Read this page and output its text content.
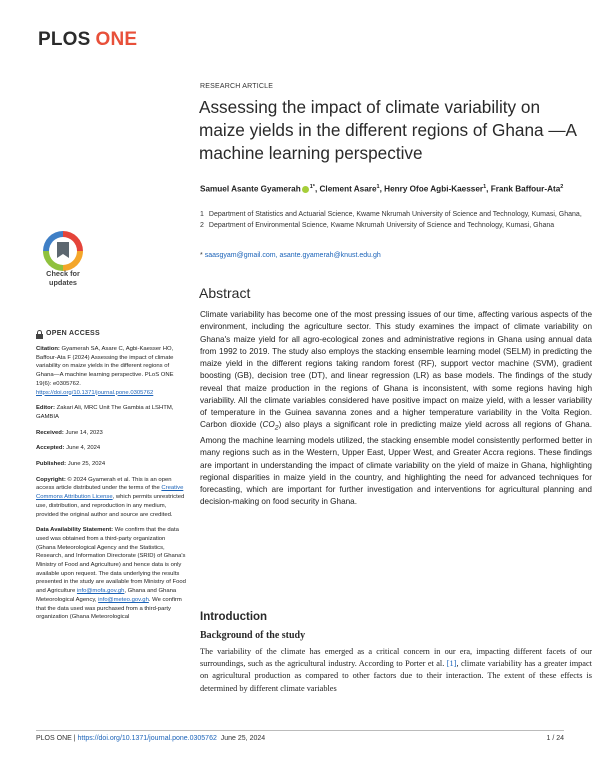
PLOS ONE
RESEARCH ARTICLE
Assessing the impact of climate variability on maize yields in the different regions of Ghana —A machine learning perspective
Samuel Asante Gyamerah $^{1*}$, Clement Asare$^1$, Henry Ofoe Agbi-Kaesser$^1$, Frank Baffour-Ata$^2$
1 Department of Statistics and Actuarial Science, Kwame Nkrumah University of Science and Technology, Kumasi, Ghana, 2 Department of Environmental Science, Kwame Nkrumah University of Science and Technology, Kumasi, Ghana
* saasgyam@gmail.com, asante.gyamerah@knust.edu.gh
Check for
updates
OPEN ACCESS
Citation: Gyamerah SA, Asare C, Agbi-Kaesser HO, Baffour-Ata F (2024) Assessing the impact of climate variability on maize yields in the different regions of Ghana—A machine learning perspective. PLoS ONE 19(6): e0305762. https://doi.org/10.1371/journal.pone.0305762
Editor: Zakari Ali, MRC Unit The Gambia at LSHTM, GAMBIA
Received: June 14, 2023
Accepted: June 4, 2024
Published: June 25, 2024
Copyright: © 2024 Gyamerah et al. This is an open access article distributed under the terms of the Creative Commons Attribution License, which permits unrestricted use, distribution, and reproduction in any medium, provided the original author and source are credited.
Data Availability Statement: We confirm that the data used was obtained from a third-party organization (Ghana Meteorological Agency and the Statistics, Research, and Information Directorate (SRID) of Ghana's Ministry of Food and Agriculture) and hence data is only available upon request. The data underlying the results presented in the study are available from Ministry of Food and Agriculture info@mofa.gov.gh, Ghana and Ghana Meteorological Agency, info@meteo.gov.gh. We confirm that the data used was purchased from a third-party organization (Ghana Meteorological
Abstract

Climate variability has become one of the most pressing issues of our time, affecting various aspects of the environment, including the agriculture sector. This study examines the impact of climate variability on Ghana's maize yield for all agro-ecological zones and administrative regions in Ghana using annual data from 1992 to 2019. The study also employs the stacking ensemble learning model (SELM) in predicting the maize yield in the different regions taking random forest (RF), support vector machine (SVM), gradient boosting (GB), decision tree (DT), and linear regression (LR) as base models. The findings of the study reveal that maize production in the regions of Ghana is inconsistent, with some regions having high variability. All the climate variables considered have positive impact on maize yield, with a lesser variability of temperature in the Guinea savanna zones and a higher temperature variability in the Volta Region. Carbon dioxide $(CO_2)$ also plays a significant role in predicting maize yield across all regions of Ghana. Among the machine learning models utilized, the stacking ensemble model consistently performed better in many regions such as in the Western, Upper East, Upper West, and Greater Accra regions. These findings are important in understanding the impact of climate variability on the yield of maize in Ghana, highlighting regional disparities in maize yield in the country, and highlighting the need for advanced techniques for forecasting, which are important for further investigation and interventions for agricultural planning and decision-making on food security in Ghana.

Introduction
Background of the study

The variability of the climate has emerged as a critical concern in our era, impacting different facets of our surroundings, such as the agricultural industry. According to Porter et al. [1], climate variability has a greater impact on agricultural production as compared to other factors due to their interaction. The extent of these effects is determined by different climate variables

PLOS ONE | https://doi.org/10.1371/journal.pone.0305762 June 25, 2024	1 / 24
